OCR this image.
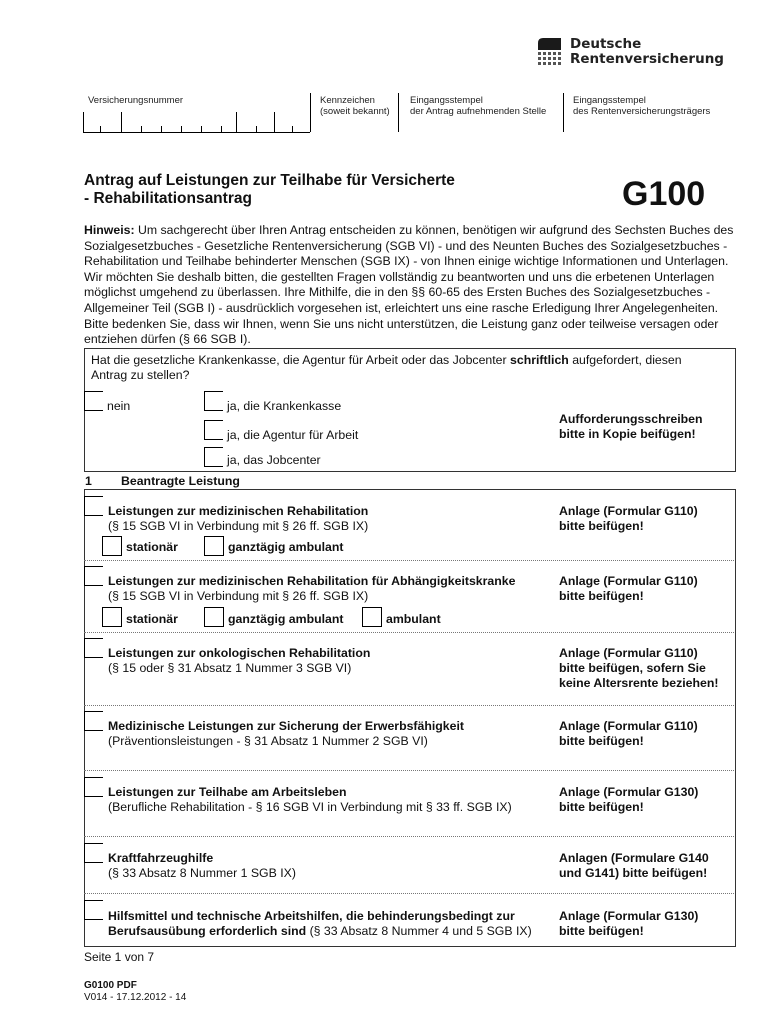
Deutsche
Rentenversicherung
Versicherungsnummer	Kennzeichen
(soweit bekannt)
Eingangsstempel
der Antrag aufnehmenden Stelle
Eingangsstempel
des Rentenversicherungsträgers
Antrag auf Leistungen zur Teilhabe für Versicherte
- Rehabilitationsantrag	G100
Hinweis: Um sachgerecht über Ihren Antrag entscheiden zu können, benötigen wir aufgrund des Sechsten Buches des Sozialgesetzbuches - Gesetzliche Rentenversicherung (SGB VI) - und des Neunten Buches des Sozialgesetzbuches - Rehabilitation und Teilhabe behinderter Menschen (SGB IX) - von Ihnen einige wichtige Informationen und Unterlagen. Wir möchten Sie deshalb bitten, die gestellten Fragen vollständig zu beantworten und uns die erbetenen Unterlagen möglichst umgehend zu überlassen. Ihre Mithilfe, die in den §§ 60-65 des Ersten Buches des Sozialgesetzbuches - Allgemeiner Teil (SGB I) - ausdrücklich vorgesehen ist, erleichtert uns eine rasche Erledigung Ihrer Angelegenheiten. Bitte bedenken Sie, dass wir Ihnen, wenn Sie uns nicht unterstützen, die Leistung ganz oder teilweise versagen oder entziehen dürfen (§ 66 SGB I).
Hat die gesetzliche Krankenkasse, die Agentur für Arbeit oder das Jobcenter schriftlich aufgefordert, diesen
Antrag zu stellen?
nein	ja, die Krankenkasse
ja, die Agentur für Arbeit
ja, das Jobcenter
Aufforderungsschreiben
bitte in Kopie beifügen!
1 Beantragte Leistung
Leistungen zur medizinischen Rehabilitation
(§ 15 SGB VI in Verbindung mit § 26 ff. SGB IX)
Anlage (Formular G110)
bitte beifügen!
stationär	ganztägig ambulant
Leistungen zur medizinischen Rehabilitation für Abhängigkeitskranke
(§ 15 SGB VI in Verbindung mit § 26 ff. SGB IX)
Anlage (Formular G110)
bitte beifügen!
stationär	ganztägig ambulant	ambulant
Leistungen zur onkologischen Rehabilitation
(§ 15 oder § 31 Absatz 1 Nummer 3 SGB VI)
Anlage (Formular G110)
bitte beifügen, sofern Sie
keine Altersrente beziehen!
Medizinische Leistungen zur Sicherung der Erwerbsfähigkeit
(Präventionsleistungen - § 31 Absatz 1 Nummer 2 SGB VI)
Anlage (Formular G110)
bitte beifügen!
Leistungen zur Teilhabe am Arbeitsleben
(Berufliche Rehabilitation - § 16 SGB VI in Verbindung mit § 33 ff. SGB IX)
Anlage (Formular G130)
bitte beifügen!
Kraftfahrzeughilfe
(§ 33 Absatz 8 Nummer 1 SGB IX)
Anlagen (Formulare G140
und G141) bitte beifügen!
Hilfsmittel und technische Arbeitshilfen, die behinderungsbedingt zur
Berufsausübung erforderlich sind (§ 33 Absatz 8 Nummer 4 und 5 SGB IX)
Anlage (Formular G130)
bitte beifügen!
Seite 1 von 7
G0100 PDF
V014 - 17.12.2012 - 14
